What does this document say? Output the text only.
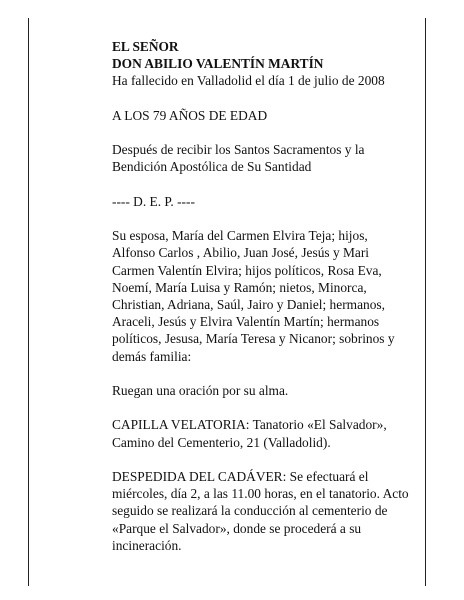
EL SEÑOR
DON ABILIO VALENTÍN MARTÍN
Ha fallecido en Valladolid el día 1 de julio de 2008

A LOS 79 AÑOS DE EDAD

Después de recibir los Santos Sacramentos y la
Bendición Apostólica de Su Santidad

---- D. E. P. ----

Su esposa, María del Carmen Elvira Teja; hijos,
Alfonso Carlos , Abilio, Juan José, Jesús y Mari
Carmen Valentín Elvira; hijos políticos, Rosa Eva,
Noemí, María Luisa y Ramón; nietos, Minorca,
Christian, Adriana, Saúl, Jairo y Daniel; hermanos,
Araceli, Jesús y Elvira Valentín Martín; hermanos
políticos, Jesusa, María Teresa y Nicanor; sobrinos y
demás familia:

Ruegan una oración por su alma.

CAPILLA VELATORIA: Tanatorio «El Salvador»,
Camino del Cementerio, 21 (Valladolid).

DESPEDIDA DEL CADÁVER: Se efectuará el
miércoles, día 2, a las 11.00 horas, en el tanatorio. Acto
seguido se realizará la conducción al cementerio de
«Parque el Salvador», donde se procederá a su
incineración.
